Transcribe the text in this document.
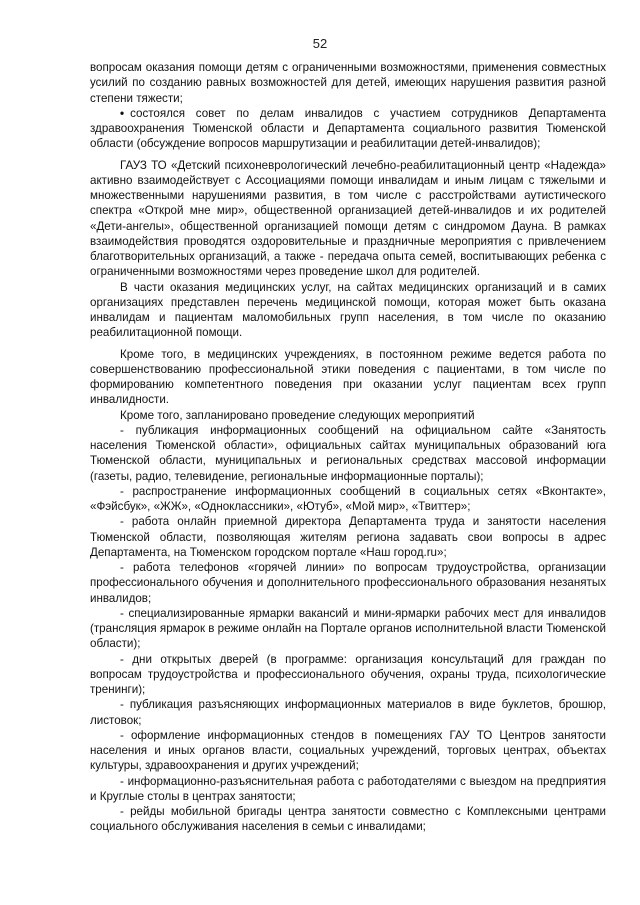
52

вопросам оказания помощи детям с ограниченными возможностями, применения совместных усилий по созданию равных возможностей для детей, имеющих нарушения развития разной степени тяжести;

• состоялся совет по делам инвалидов с участием сотрудников Департамента здравоохранения Тюменской области и Департамента социального развития Тюменской области (обсуждение вопросов маршрутизации и реабилитации детей-инвалидов);

ГАУЗ ТО «Детский психоневрологический лечебно-реабилитационный центр «Надежда» активно взаимодействует с Ассоциациями помощи инвалидам и иным лицам с тяжелыми и множественными нарушениями развития, в том числе с расстройствами аутистического спектра «Открой мне мир», общественной организацией детей-инвалидов и их родителей «Дети-ангелы», общественной организацией помощи детям с синдромом Дауна. В рамках взаимодействия проводятся оздоровительные и праздничные мероприятия с привлечением благотворительных организаций, а также - передача опыта семей, воспитывающих ребенка с ограниченными возможностями через проведение школ для родителей.

В части оказания медицинских услуг, на сайтах медицинских организаций и в самих организациях представлен перечень медицинской помощи, которая может быть оказана инвалидам и пациентам маломобильных групп населения, в том числе по оказанию реабилитационной помощи.

Кроме того, в медицинских учреждениях, в постоянном режиме ведется работа по совершенствованию профессиональной этики поведения с пациентами, в том числе по формированию компетентного поведения при оказании услуг пациентам всех групп инвалидности.

Кроме того, запланировано проведение следующих мероприятий

- публикация информационных сообщений на официальном сайте «Занятость населения Тюменской области», официальных сайтах муниципальных образований юга Тюменской области, муниципальных и региональных средствах массовой информации (газеты, радио, телевидение, региональные информационные порталы);

- распространение информационных сообщений в социальных сетях «Вконтакте», «Фэйсбук», «ЖЖ», «Одноклассники», «Ютуб», «Мой мир», «Твиттер»;

- работа онлайн приемной директора Департамента труда и занятости населения Тюменской области, позволяющая жителям региона задавать свои вопросы в адрес Департамента, на Тюменском городском портале «Наш город.ru»;

- работа телефонов «горячей линии» по вопросам трудоустройства, организации профессионального обучения и дополнительного профессионального образования незанятых инвалидов;

- специализированные ярмарки вакансий и мини-ярмарки рабочих мест для инвалидов (трансляция ярмарок в режиме онлайн на Портале органов исполнительной власти Тюменской области);

- дни открытых дверей (в программе: организация консультаций для граждан по вопросам трудоустройства и профессионального обучения, охраны труда, психологические тренинги);

- публикация разъясняющих информационных материалов в виде буклетов, брошюр, листовок;

- оформление информационных стендов в помещениях ГАУ ТО Центров занятости населения и иных органов власти, социальных учреждений, торговых центрах, объектах культуры, здравоохранения и других учреждений;

- информационно-разъяснительная работа с работодателями с выездом на предприятия и Круглые столы в центрах занятости;

- рейды мобильной бригады центра занятости совместно с Комплексными центрами социального обслуживания населения в семьи с инвалидами;
